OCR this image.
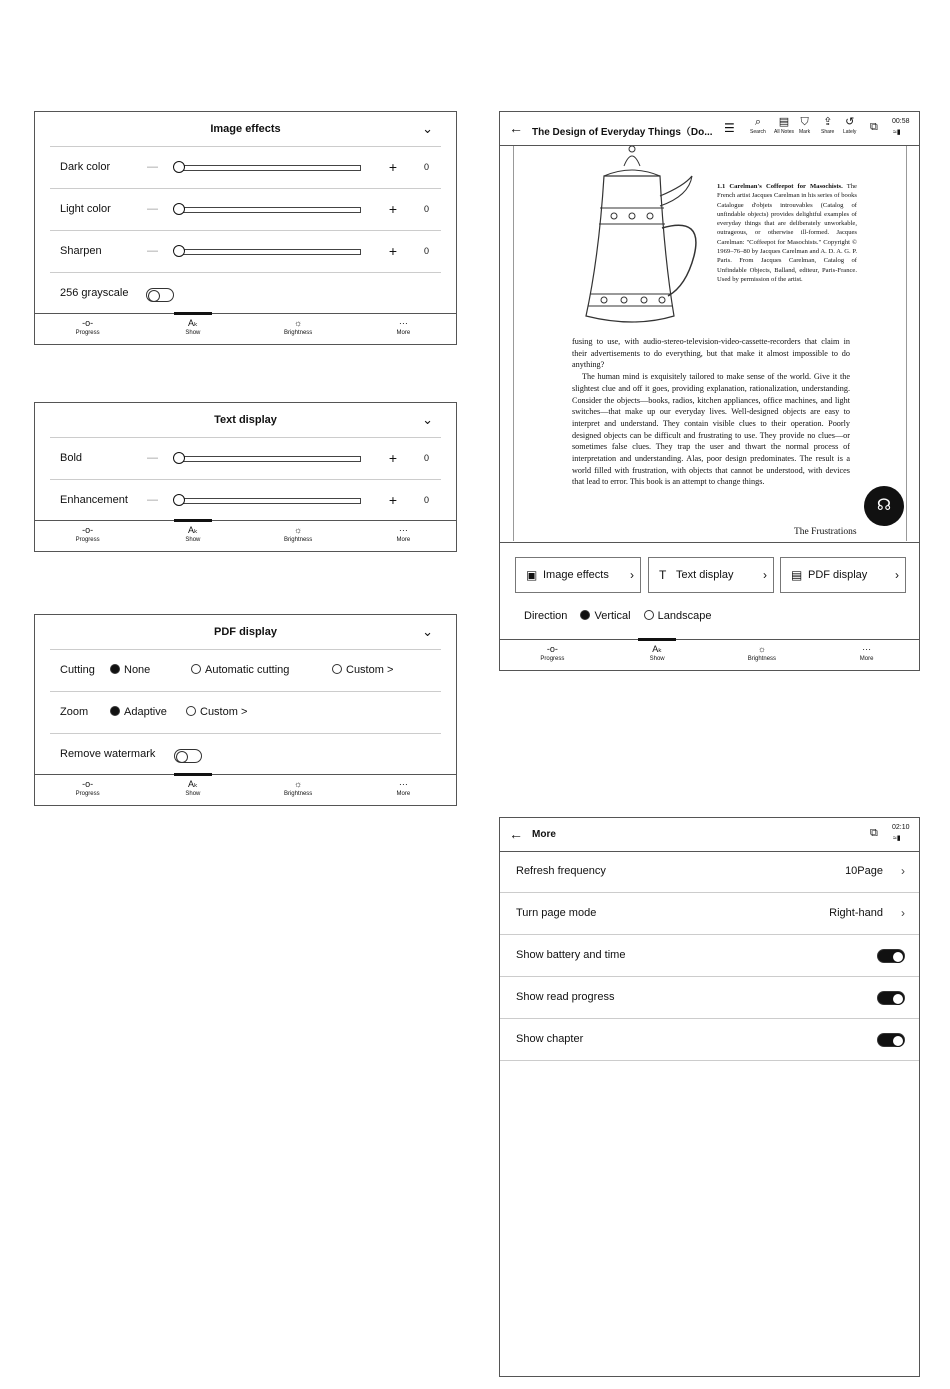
Image effects	⌄
Dark color	—	+	0
Light color	—	+	0
Sharpen	—	+	0
256 grayscale
-o-
Progress
Aₖ
Show
☼
Brightness
···
More
Text display	⌄
Bold	—	+	0
Enhancement —	+	0
-o-
Progress
Aₖ
Show
☼
Brightness
···
More
PDF display	⌄
Cutting	None	Automatic cutting	Custom >
Zoom	Adaptive	Custom >
Remove watermark
-o-
Progress
Aₖ
Show
☼
Brightness
···
More
← The Design of Everyday Things（Do... ☰	⌕
Search
▤
All Notes
⛉
Mark
⇪
Share
↺
Lately ⧉ 00:58
≈▮
1.1 Carelman's Coffeepot for Masochists. The French artist Jacques Carelman in his series of books Catalogue d'objets introuvables (Catalog of unfindable objects) provides delightful examples of everyday things that are deliberately unworkable, outrageous, or otherwise ill-formed. Jacques Carelman: "Coffeepot for Masochists." Copyright © 1969–76–80 by Jacques Carelman and A. D. A. G. P. Paris. From Jacques Carelman, Catalog of Unfindable Objects, Balland, editeur, Paris-France. Used by permission of the artist.
fusing to use, with audio-stereo-television-video-cassette-recorders that claim in their advertisements to do everything, but that make it almost impossible to do anything?
The human mind is exquisitely tailored to make sense of the world. Give it the slightest clue and off it goes, providing explanation, rationalization, understanding. Consider the objects—books, radios, kitchen appliances, office machines, and light switches—that make up our everyday lives. Well-designed objects are easy to interpret and understand. They contain visible clues to their operation. Poorly designed objects can be difficult and frustrating to use. They provide no clues—or sometimes false clues. They trap the user and thwart the normal process of interpretation and understanding. Alas, poor design predominates. The result is a world filled with frustration, with objects that cannot be understood, with devices that lead to error. This book is an attempt to change things.
The Frustrations
☊
▣ Image effects › T Text display › ▤ PDF display ›
Direction Vertical Landscape
-o-
Progress
Aₖ
Show
☼
Brightness
···
More
← More	⧉ 02:10
≈▮
Refresh frequency	10Page ›
Turn page mode	Right-hand ›
Show battery and time
Show read progress
Show chapter
